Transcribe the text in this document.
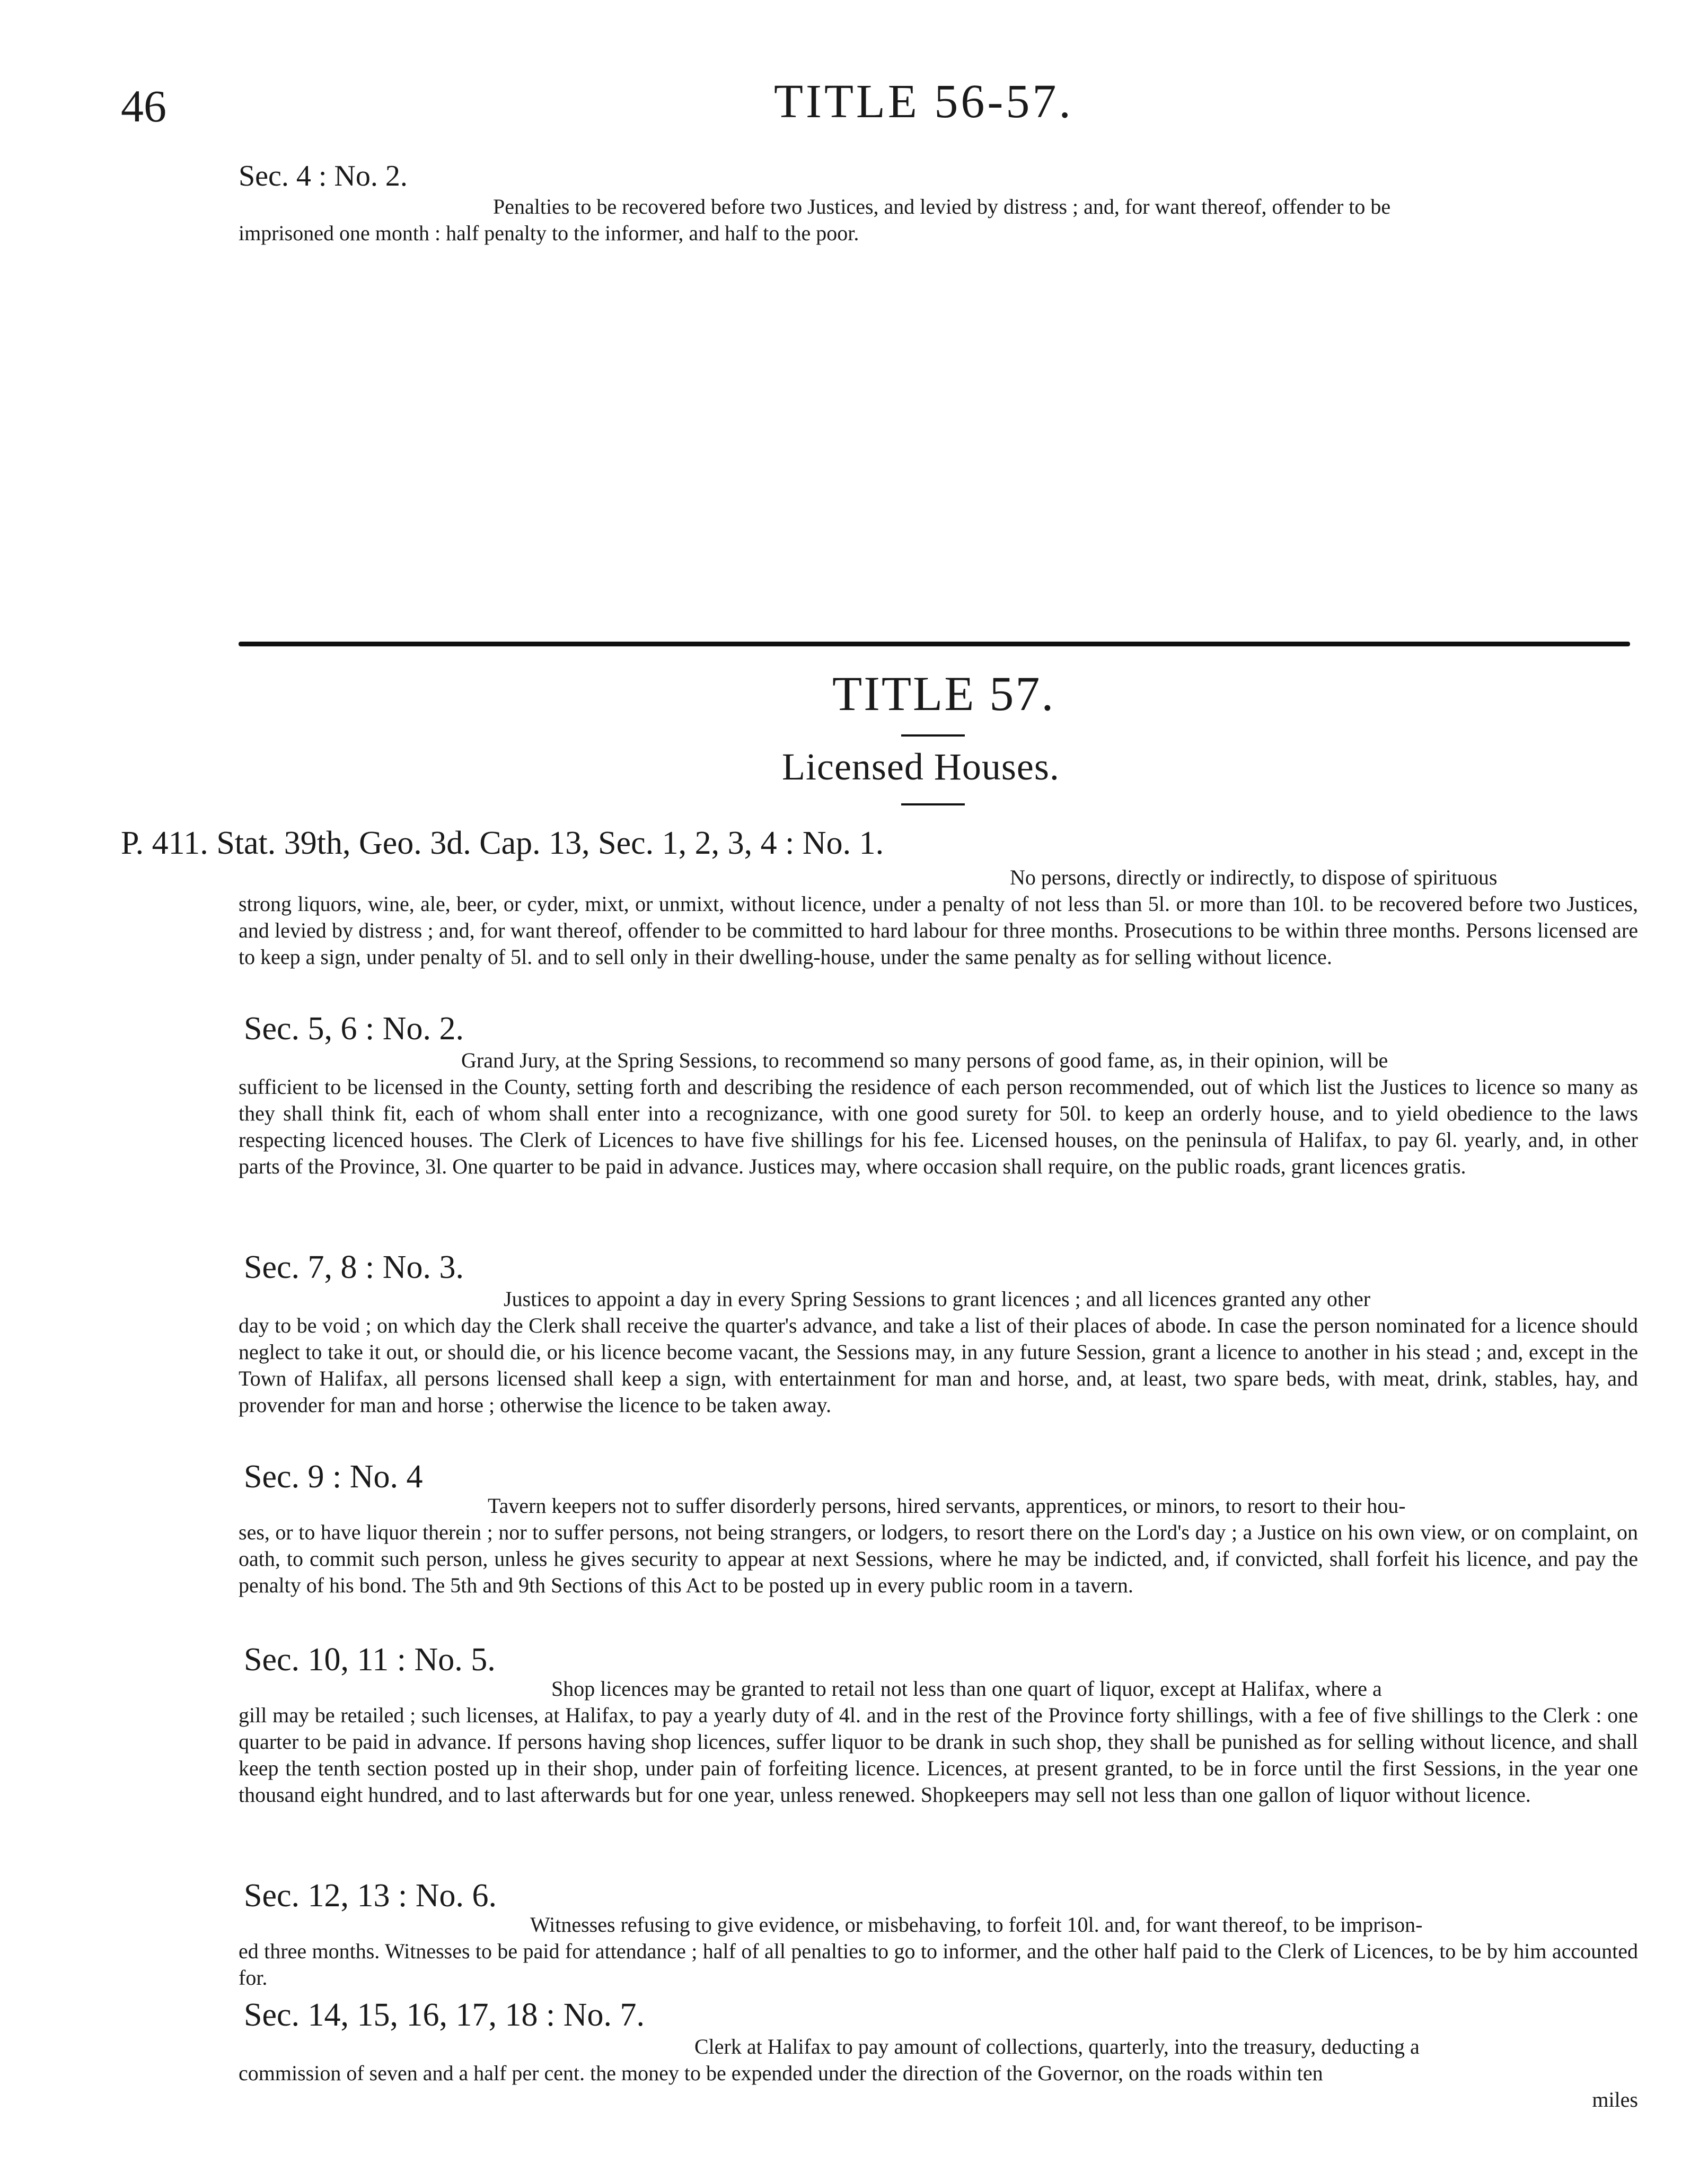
46	TITLE 56-57.
Sec. 4 : No. 2.
Penalties to be recovered before two Justices, and levied by distress ; and, for want thereof, offender to be
imprisoned one month : half penalty to the informer, and half to the poor.
TITLE 57.
Licensed Houses.
P. 411. Stat. 39th, Geo. 3d. Cap. 13, Sec. 1, 2, 3, 4 : No. 1.
No persons, directly or indirectly, to dispose of spirituous
strong liquors, wine, ale, beer, or cyder, mixt, or unmixt, without licence, under a penalty of not less than 5l. or more than 10l. to be recovered before two Justices, and levied by distress ; and, for want thereof, offender to be committed to hard labour for three months. Prosecutions to be within three months. Persons licensed are to keep a sign, under penalty of 5l. and to sell only in their dwelling-house, under the same penalty as for selling without licence.
Sec. 5, 6 : No. 2.
Grand Jury, at the Spring Sessions, to recommend so many persons of good fame, as, in their opinion, will be
sufficient to be licensed in the County, setting forth and describing the residence of each person recommended, out of which list the Justices to licence so many as they shall think fit, each of whom shall enter into a recognizance, with one good surety for 50l. to keep an orderly house, and to yield obedience to the laws respecting licenced houses. The Clerk of Licences to have five shillings for his fee. Licensed houses, on the peninsula of Halifax, to pay 6l. yearly, and, in other parts of the Province, 3l. One quarter to be paid in advance. Justices may, where occasion shall require, on the public roads, grant licences gratis.
Sec. 7, 8 : No. 3.
Justices to appoint a day in every Spring Sessions to grant licences ; and all licences granted any other
day to be void ; on which day the Clerk shall receive the quarter's advance, and take a list of their places of abode. In case the person nominated for a licence should neglect to take it out, or should die, or his licence become vacant, the Sessions may, in any future Session, grant a licence to another in his stead ; and, except in the Town of Halifax, all persons licensed shall keep a sign, with entertainment for man and horse, and, at least, two spare beds, with meat, drink, stables, hay, and provender for man and horse ; otherwise the licence to be taken away.
Sec. 9 : No. 4
Tavern keepers not to suffer disorderly persons, hired servants, apprentices, or minors, to resort to their hou-
ses, or to have liquor therein ; nor to suffer persons, not being strangers, or lodgers, to resort there on the Lord's day ; a Justice on his own view, or on complaint, on oath, to commit such person, unless he gives security to appear at next Sessions, where he may be indicted, and, if convicted, shall forfeit his licence, and pay the penalty of his bond. The 5th and 9th Sections of this Act to be posted up in every public room in a tavern.
Sec. 10, 11 : No. 5.
Shop licences may be granted to retail not less than one quart of liquor, except at Halifax, where a
gill may be retailed ; such licenses, at Halifax, to pay a yearly duty of 4l. and in the rest of the Province forty shillings, with a fee of five shillings to the Clerk : one quarter to be paid in advance. If persons having shop licences, suffer liquor to be drank in such shop, they shall be punished as for selling without licence, and shall keep the tenth section posted up in their shop, under pain of forfeiting licence. Licences, at present granted, to be in force until the first Sessions, in the year one thousand eight hundred, and to last afterwards but for one year, unless renewed. Shopkeepers may sell not less than one gallon of liquor without licence.
Sec. 12, 13 : No. 6.
Witnesses refusing to give evidence, or misbehaving, to forfeit 10l. and, for want thereof, to be imprison-
ed three months. Witnesses to be paid for attendance ; half of all penalties to go to informer, and the other half paid to the Clerk of Licences, to be by him accounted for.
Sec. 14, 15, 16, 17, 18 : No. 7.
Clerk at Halifax to pay amount of collections, quarterly, into the treasury, deducting a
commission of seven and a half per cent. the money to be expended under the direction of the Governor, on the roads within ten
miles
